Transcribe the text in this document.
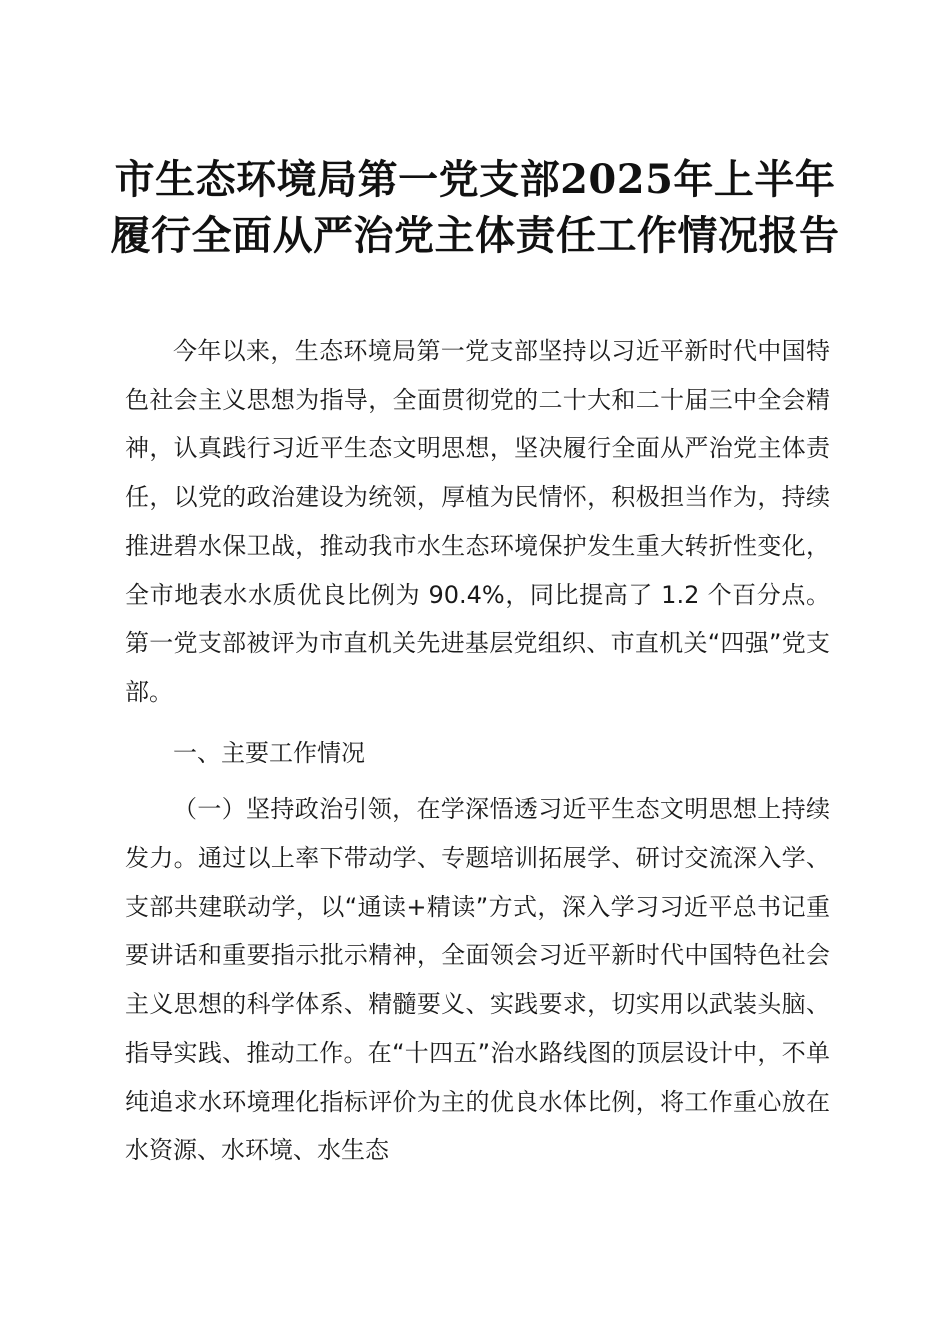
市生态环境局第一党支部2025年上半年履行全面从严治党主体责任工作情况报告

今年以来，生态环境局第一党支部坚持以习近平新时代中国特色社会主义思想为指导，全面贯彻党的二十大和二十届三中全会精神，认真践行习近平生态文明思想，坚决履行全面从严治党主体责任，以党的政治建设为统领，厚植为民情怀，积极担当作为，持续推进碧水保卫战，推动我市水生态环境保护发生重大转折性变化，全市地表水水质优良比例为 90.4%，同比提高了 1.2 个百分点。第一党支部被评为市直机关先进基层党组织、市直机关“四强”党支部。

一、主要工作情况

（一）坚持政治引领，在学深悟透习近平生态文明思想上持续发力。通过以上率下带动学、专题培训拓展学、研讨交流深入学、支部共建联动学，以“通读+精读”方式，深入学习习近平总书记重要讲话和重要指示批示精神，全面领会习近平新时代中国特色社会主义思想的科学体系、精髓要义、实践要求，切实用以武装头脑、指导实践、推动工作。在“十四五”治水路线图的顶层设计中，不单纯追求水环境理化指标评价为主的优良水体比例，将工作重心放在水资源、水环境、水生态
